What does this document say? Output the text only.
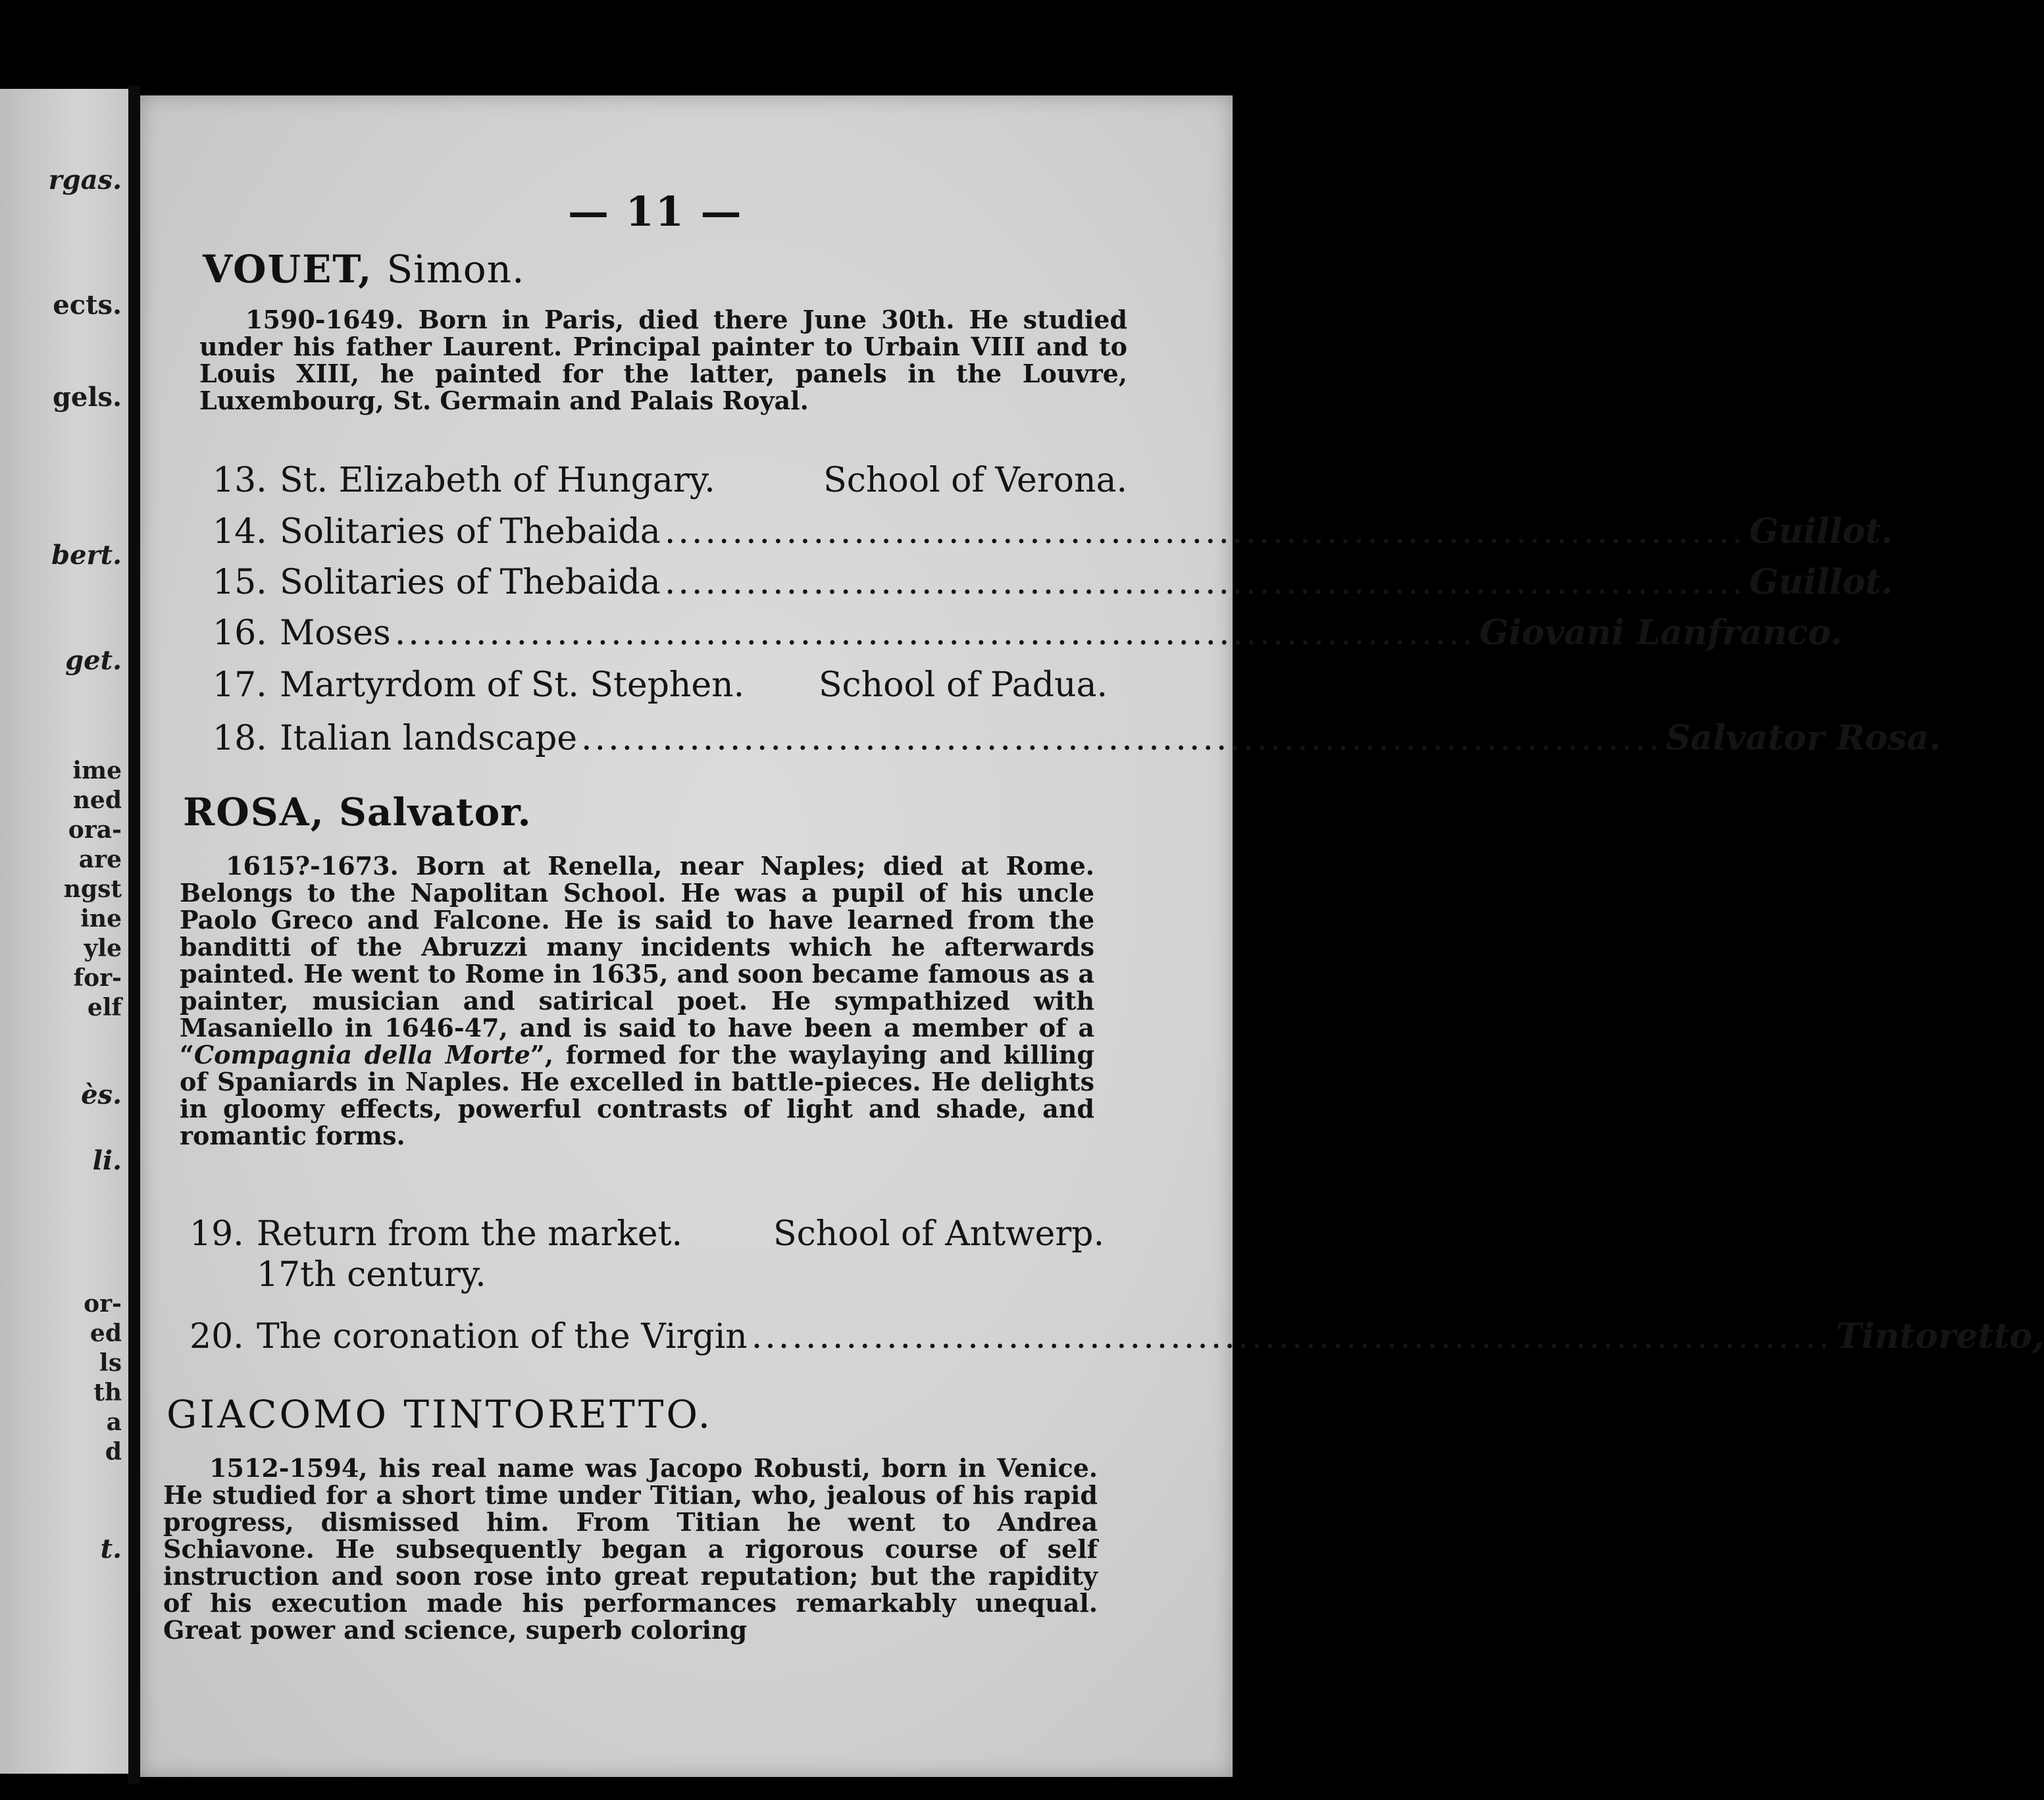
rgas.
ects.
gels.
bert.
get.
ime
ned
ora-
are
ngst
ine
yle
for-
elf
ès.
li.
or-
ed
ls
th
a
d
t.
— 11 —
VOUET, Simon.
1590-1649. Born in Paris, died there June 30th. He studied under his father Laurent. Principal painter to Urbain VIII and to Louis XIII, he painted for the latter, panels in the Louvre, Luxembourg, St. Germain and Palais Royal.
13. St. Elizabeth of Hungary.	School of Verona.
14. Solitaries of Thebaida ................................................................................ Guillot.
15. Solitaries of Thebaida ................................................................................ Guillot.
16. Moses ................................................................................ Giovani Lanfranco.
17. Martyrdom of St. Stephen.	School of Padua.
18. Italian landscape ................................................................................ Salvator Rosa.
ROSA, Salvator.
1615?-1673. Born at Renella, near Naples; died at Rome. Belongs to the Napolitan School. He was a pupil of his uncle Paolo Greco and Falcone. He is said to have learned from the banditti of the Abruzzi many incidents which he afterwards painted. He went to Rome in 1635, and soon became famous as a painter, musician and satirical poet. He sympathized with Masaniello in 1646-47, and is said to have been a member of a “Compagnia della Morte”, formed for the waylaying and killing of Spaniards in Naples. He excelled in battle-pieces. He delights in gloomy effects, powerful contrasts of light and shade, and romantic forms.
19. Return from the market.	School of Antwerp.
17th century.
20. The coronation of the Virgin ................................................................................ Tintoretto,
GIACOMO TINTORETTO.
1512-1594, his real name was Jacopo Robusti, born in Venice. He studied for a short time under Titian, who, jealous of his rapid progress, dismissed him. From Titian he went to Andrea Schiavone. He subsequently began a rigorous course of self instruction and soon rose into great reputation; but the rapidity of his execution made his performances remarkably unequal. Great power and science, superb coloring
